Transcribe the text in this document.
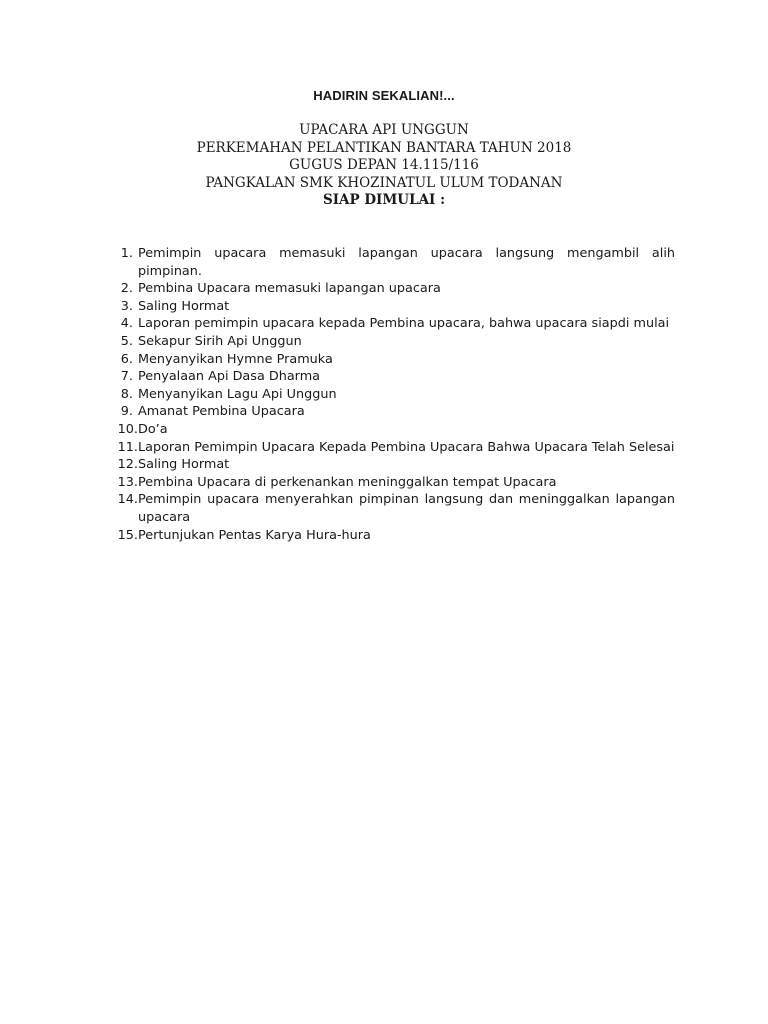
HADIRIN SEKALIAN!...
UPACARA API UNGGUN
PERKEMAHAN PELANTIKAN BANTARA TAHUN 2018
GUGUS DEPAN 14.115/116
PANGKALAN SMK KHOZINATUL ULUM TODANAN
SIAP DIMULAI :
1. Pemimpin upacara memasuki lapangan upacara langsung mengambil alih pimpinan.
2. Pembina Upacara memasuki lapangan upacara
3. Saling Hormat
4. Laporan pemimpin upacara kepada Pembina upacara, bahwa upacara siapdi mulai
5. Sekapur Sirih Api Unggun
6. Menyanyikan Hymne Pramuka
7. Penyalaan Api Dasa Dharma
8. Menyanyikan Lagu Api Unggun
9. Amanat Pembina Upacara
10. Do’a
11. Laporan Pemimpin Upacara Kepada Pembina Upacara Bahwa Upacara Telah Selesai
12. Saling Hormat
13. Pembina Upacara di perkenankan meninggalkan tempat Upacara
14. Pemimpin upacara menyerahkan pimpinan langsung dan meninggalkan lapangan upacara
15. Pertunjukan Pentas Karya Hura-hura
